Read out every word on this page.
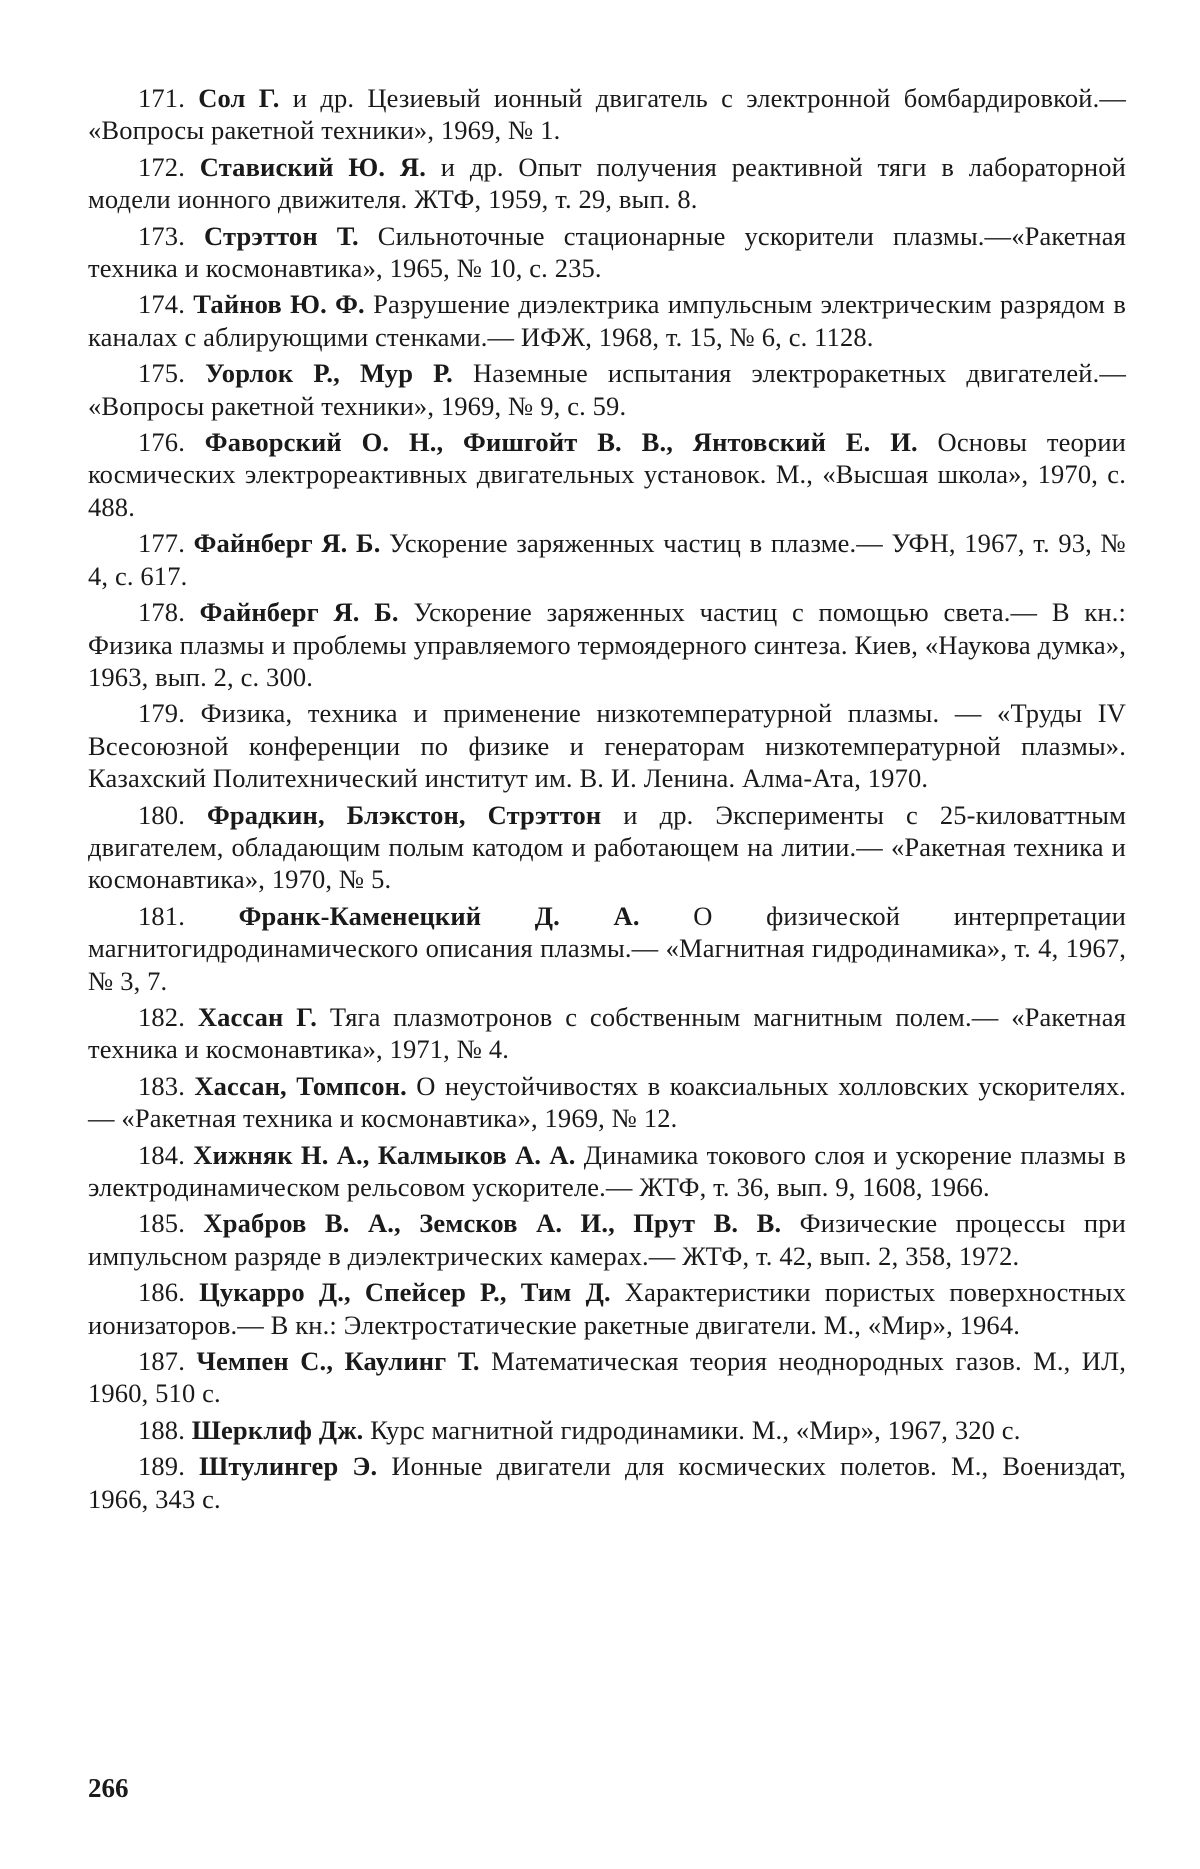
171. Сол Г. и др. Цезиевый ионный двигатель с электронной бомбардировкой.— «Вопросы ракетной техники», 1969, № 1.

172. Ставиский Ю. Я. и др. Опыт получения реактивной тяги в лабораторной модели ионного движителя. ЖТФ, 1959, т. 29, вып. 8.

173. Стрэттон Т. Сильноточные стационарные ускорители плазмы.—«Ракетная техника и космонавтика», 1965, № 10, с. 235.

174. Тайнов Ю. Ф. Разрушение диэлектрика импульсным электрическим разрядом в каналах с аблирующими стенками.— ИФЖ, 1968, т. 15, № 6, с. 1128.

175. Уорлок Р., Мур Р. Наземные испытания электроракетных двигателей.— «Вопросы ракетной техники», 1969, № 9, с. 59.

176. Фаворский О. Н., Фишгойт В. В., Янтовский Е. И. Основы теории космических электрореактивных двигательных установок. М., «Высшая школа», 1970, с. 488.

177. Файнберг Я. Б. Ускорение заряженных частиц в плазме.— УФН, 1967, т. 93, № 4, с. 617.

178. Файнберг Я. Б. Ускорение заряженных частиц с помощью света.— В кн.: Физика плазмы и проблемы управляемого термоядерного синтеза. Киев, «Наукова думка», 1963, вып. 2, с. 300.

179. Физика, техника и применение низкотемпературной плазмы. — «Труды IV Всесоюзной конференции по физике и генераторам низкотемпературной плазмы». Казахский Политехнический институт им. В. И. Ленина. Алма-Ата, 1970.

180. Фрадкин, Блэкстон, Стрэттон и др. Эксперименты с 25-киловаттным двигателем, обладающим полым катодом и работающем на литии.— «Ракетная техника и космонавтика», 1970, № 5.

181. Франк-Каменецкий Д. А. О физической интерпретации магнитогидродинамического описания плазмы.— «Магнитная гидродинамика», т. 4, 1967, № 3, 7.

182. Хассан Г. Тяга плазмотронов с собственным магнитным полем.— «Ракетная техника и космонавтика», 1971, № 4.

183. Хассан, Томпсон. О неустойчивостях в коаксиальных холловских ускорителях.— «Ракетная техника и космонавтика», 1969, № 12.

184. Хижняк Н. А., Калмыков А. А. Динамика токового слоя и ускорение плазмы в электродинамическом рельсовом ускорителе.— ЖТФ, т. 36, вып. 9, 1608, 1966.

185. Храбров В. А., Земсков А. И., Прут В. В. Физические процессы при импульсном разряде в диэлектрических камерах.— ЖТФ, т. 42, вып. 2, 358, 1972.

186. Цукарро Д., Спейсер Р., Тим Д. Характеристики пористых поверхностных ионизаторов.— В кн.: Электростатические ракетные двигатели. М., «Мир», 1964.

187. Чемпен С., Каулинг Т. Математическая теория неоднородных газов. М., ИЛ, 1960, 510 с.

188. Шерклиф Дж. Курс магнитной гидродинамики. М., «Мир», 1967, 320 с.

189. Штулингер Э. Ионные двигатели для космических полетов. М., Воениздат, 1966, 343 с.

266
